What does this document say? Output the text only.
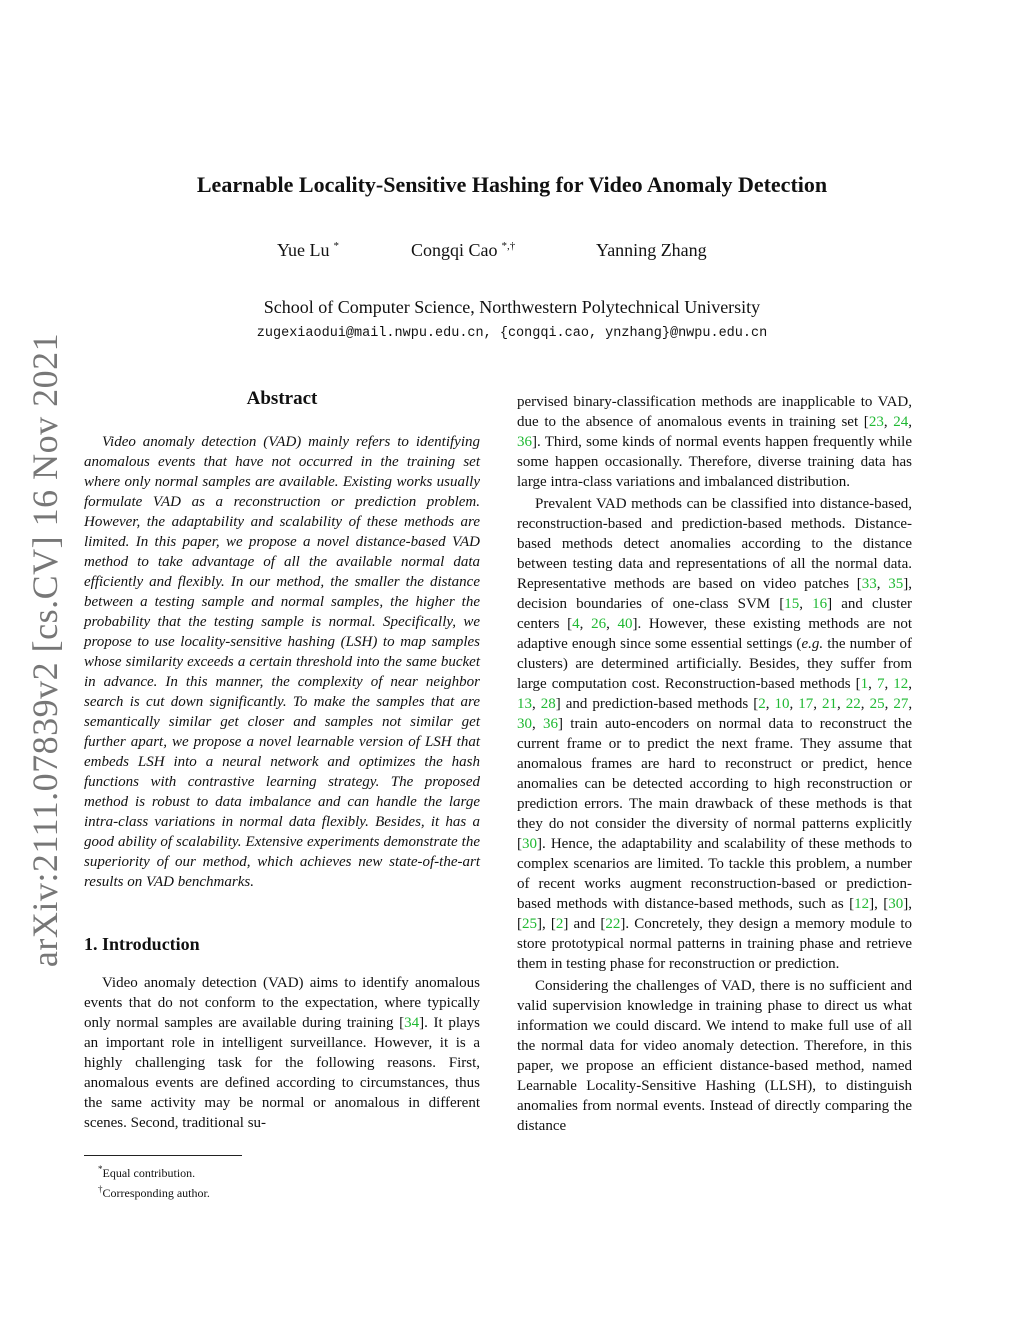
arXiv:2111.07839v2 [cs.CV] 16 Nov 2021
Learnable Locality-Sensitive Hashing for Video Anomaly Detection
Yue Lu *	Congqi Cao *,†	Yanning Zhang
School of Computer Science, Northwestern Polytechnical University
zugexiaodui@mail.nwpu.edu.cn, {congqi.cao, ynzhang}@nwpu.edu.cn
Abstract

Video anomaly detection (VAD) mainly refers to identifying anomalous events that have not occurred in the training set where only normal samples are available. Existing works usually formulate VAD as a reconstruction or prediction problem. However, the adaptability and scalability of these methods are limited. In this paper, we propose a novel distance-based VAD method to take advantage of all the available normal data efficiently and flexibly. In our method, the smaller the distance between a testing sample and normal samples, the higher the probability that the testing sample is normal. Specifically, we propose to use locality-sensitive hashing (LSH) to map samples whose similarity exceeds a certain threshold into the same bucket in advance. In this manner, the complexity of near neighbor search is cut down significantly. To make the samples that are semantically similar get closer and samples not similar get further apart, we propose a novel learnable version of LSH that embeds LSH into a neural network and optimizes the hash functions with contrastive learning strategy. The proposed method is robust to data imbalance and can handle the large intra-class variations in normal data flexibly. Besides, it has a good ability of scalability. Extensive experiments demonstrate the superiority of our method, which achieves new state-of-the-art results on VAD benchmarks.

1. Introduction

Video anomaly detection (VAD) aims to identify anomalous events that do not conform to the expectation, where typically only normal samples are available during training [34]. It plays an important role in intelligent surveillance. However, it is a highly challenging task for the following reasons. First, anomalous events are defined according to circumstances, thus the same activity may be normal or anomalous in different scenes. Second, traditional su-

pervised binary-classification methods are inapplicable to VAD, due to the absence of anomalous events in training set [23, 24, 36]. Third, some kinds of normal events happen frequently while some happen occasionally. Therefore, diverse training data has large intra-class variations and imbalanced distribution.

Prevalent VAD methods can be classified into distance-based, reconstruction-based and prediction-based methods. Distance-based methods detect anomalies according to the distance between testing data and representations of all the normal data. Representative methods are based on video patches [33, 35], decision boundaries of one-class SVM [15, 16] and cluster centers [4, 26, 40]. However, these existing methods are not adaptive enough since some essential settings (e.g. the number of clusters) are determined artificially. Besides, they suffer from large computation cost. Reconstruction-based methods [1, 7, 12, 13, 28] and prediction-based methods [2, 10, 17, 21, 22, 25, 27, 30, 36] train auto-encoders on normal data to reconstruct the current frame or to predict the next frame. They assume that anomalous frames are hard to reconstruct or predict, hence anomalies can be detected according to high reconstruction or prediction errors. The main drawback of these methods is that they do not consider the diversity of normal patterns explicitly [30]. Hence, the adaptability and scalability of these methods to complex scenarios are limited. To tackle this problem, a number of recent works augment reconstruction-based or prediction-based methods with distance-based methods, such as [12], [30], [25], [2] and [22]. Concretely, they design a memory module to store prototypical normal patterns in training phase and retrieve them in testing phase for reconstruction or prediction.

Considering the challenges of VAD, there is no sufficient and valid supervision knowledge in training phase to direct us what information we could discard. We intend to make full use of all the normal data for video anomaly detection. Therefore, in this paper, we propose an efficient distance-based method, named Learnable Locality-Sensitive Hashing (LLSH), to distinguish anomalies from normal events. Instead of directly comparing the distance

*Equal contribution.
†Corresponding author.
